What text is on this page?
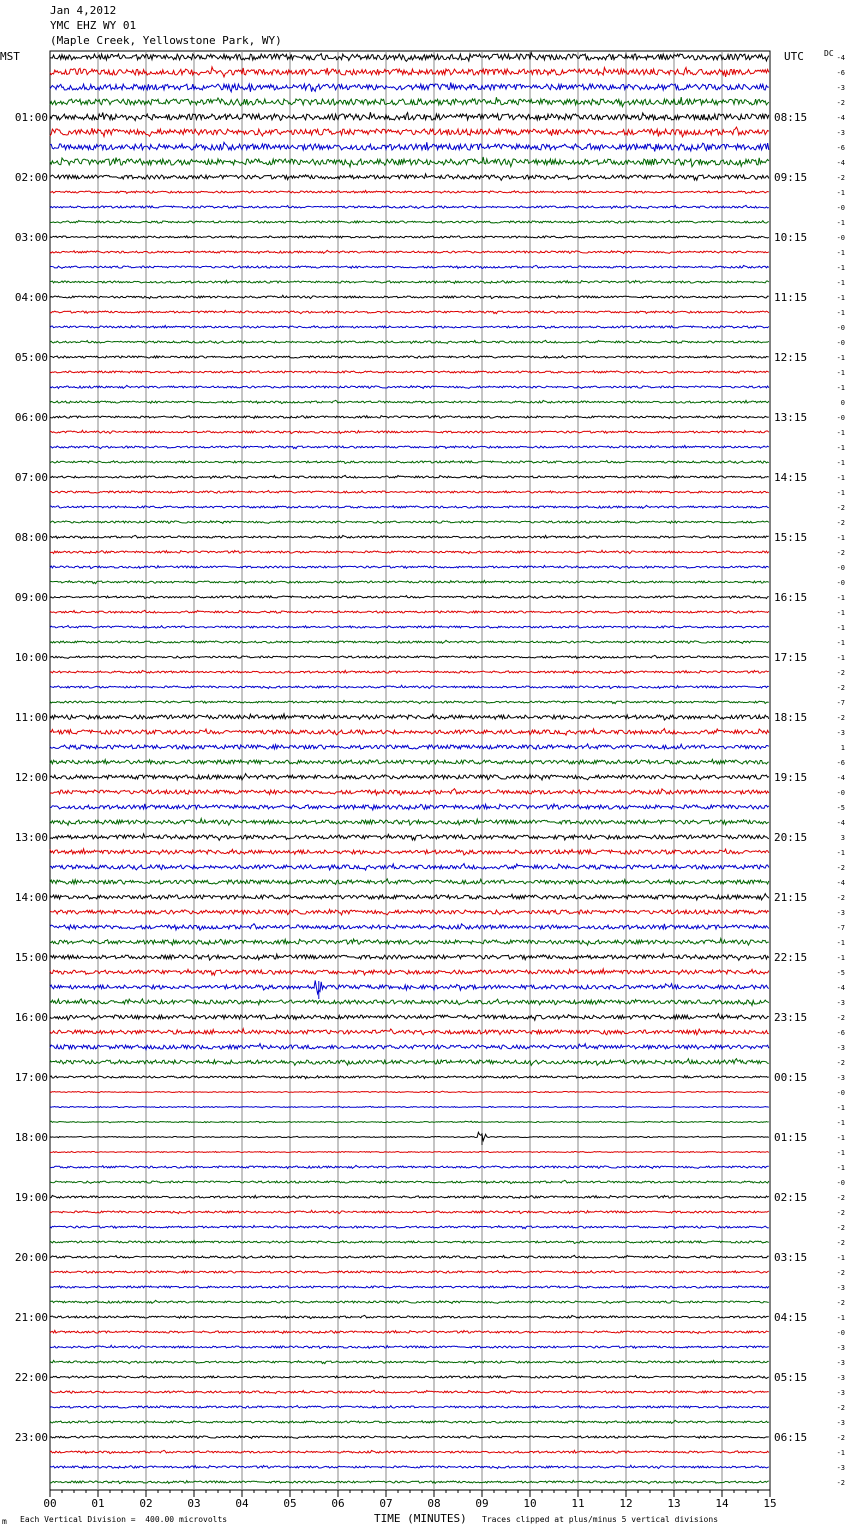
Jan 4,2012
YMC EHZ WY 01
(Maple Creek, Yellowstone Park, WY)
MST	UTC	DC
00	01	02	03	04	05	06	07	08	09	10	11	12	13	14	15
-4
-6
-3
-2
-4
01:00	08:15
-3
-6
-4
-2
02:00	09:15
-1
-0
-1
-0
03:00	10:15
-1
-1
-1
-1
04:00	11:15
-1
-0
-0
-1
05:00	12:15
-1
-1
0
-0
06:00	13:15
-1
-1
-1
-1
07:00	14:15
-1
-2
-2
-1
08:00	15:15
-2
-0
-0
-1
09:00	16:15
-1
-1
-1
-1
10:00	17:15
-2
-2
-7
-2
11:00	18:15
-3
1
-6
-4
12:00	19:15
-0
-5
-4
3
13:00	20:15
-1
-2
-4
-2
14:00	21:15
-3
-7
-1
-1
15:00	22:15
-5
-4
-3
-2
16:00	23:15
-6
-3
-2
-3
17:00	00:15
-0
-1
-1
-1
18:00	01:15
-1
-1
-0
-2
19:00	02:15
-2
-2
-2
-1
20:00	03:15
-2
-3
-2
-1
21:00	04:15
-0
-3
-3
-3
22:00	05:15
-3
-2
-3
-2
23:00	06:15
-1
-3
-2
m Each Vertical Division =  400.00 microvolts	TIME (MINUTES) Traces clipped at plus/minus 5 vertical divisions
